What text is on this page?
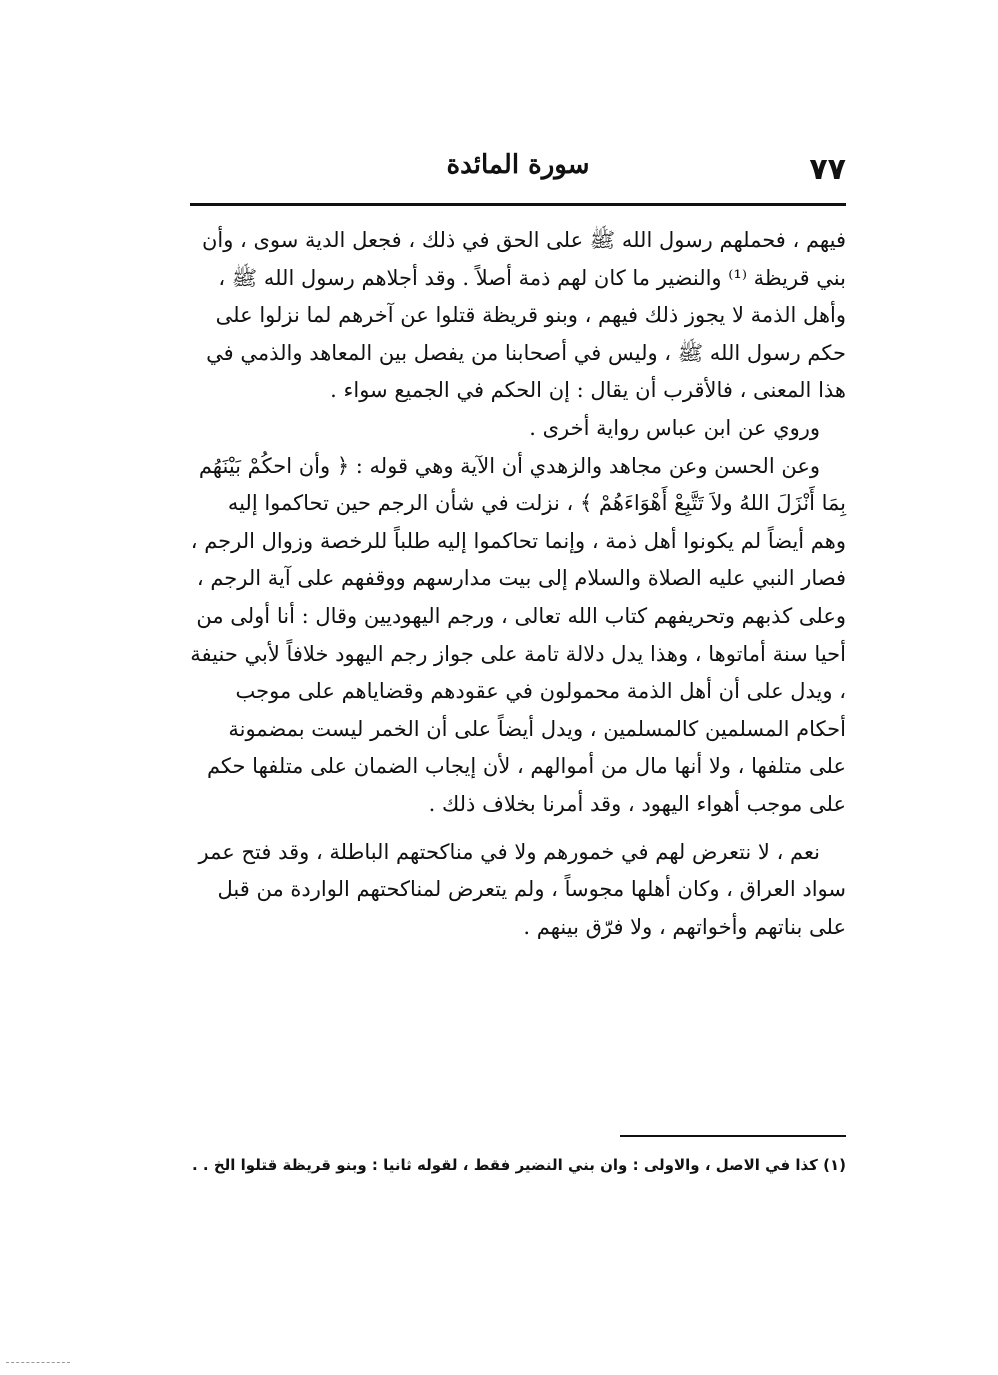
٧٧
سورة المائدة

فيهم ، فحملهم رسول الله ﷺ على الحق في ذلك ، فجعل الدية سوى ، وأن بني قريظة ⁽¹⁾ والنضير ما كان لهم ذمة أصلاً . وقد أجلاهم رسول الله ﷺ ، وأهل الذمة لا يجوز ذلك فيهم ، وبنو قريظة قتلوا عن آخرهم لما نزلوا على حكم رسول الله ﷺ ، وليس في أصحابنا من يفصل بين المعاهد والذمي في هذا المعنى ، فالأقرب أن يقال : إن الحكم في الجميع سواء .

وروي عن ابن عباس رواية أخرى .

وعن الحسن وعن مجاهد والزهدي أن الآية وهي قوله : ﴿ وأن احكُمْ بَيْنَهُم بِمَا أَنْزَلَ اللهُ ولاَ تَتَّبِعْ أَهْوَاءَهُمْ ﴾ ، نزلت في شأن الرجم حين تحاكموا إليه وهم أيضاً لم يكونوا أهل ذمة ، وإنما تحاكموا إليه طلباً للرخصة وزوال الرجم ، فصار النبي عليه الصلاة والسلام إلى بيت مدارسهم ووقفهم على آية الرجم ، وعلى كذبهم وتحريفهم كتاب الله تعالى ، ورجم اليهوديين وقال : أنا أولى من أحيا سنة أماتوها ، وهذا يدل دلالة تامة على جواز رجم اليهود خلافاً لأبي حنيفة ، ويدل على أن أهل الذمة محمولون في عقودهم وقضاياهم على موجب أحكام المسلمين كالمسلمين ، ويدل أيضاً على أن الخمر ليست بمضمونة على متلفها ، ولا أنها مال من أموالهم ، لأن إيجاب الضمان على متلفها حكم على موجب أهواء اليهود ، وقد أمرنا بخلاف ذلك .

نعم ، لا نتعرض لهم في خمورهم ولا في مناكحتهم الباطلة ، وقد فتح عمر سواد العراق ، وكان أهلها مجوساً ، ولم يتعرض لمناكحتهم الواردة من قبل على بناتهم وأخواتهم ، ولا فرّق بينهم .

(١) كذا في الاصل ، والاولى : وان بني النضير فقط ، لقوله ثانيا : وبنو قريظة قتلوا الخ . .
